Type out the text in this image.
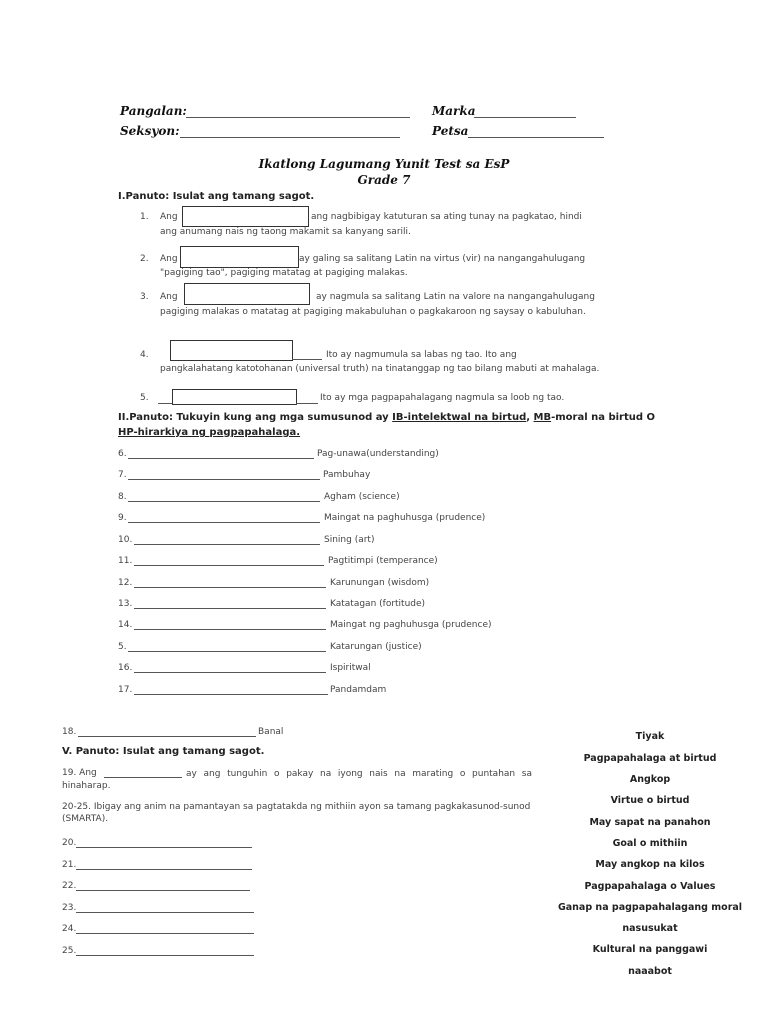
Pangalan:	Marka
Seksyon:	Petsa
Ikatlong Lagumang Yunit Test sa EsP
Grade 7
I.Panuto: Isulat ang tamang sagot.
1. Ang	ang nagbibigay katuturan sa ating tunay na pagkatao, hindi
ang anumang nais ng taong makamit sa kanyang sarili.
2. Ang	ay galing sa salitang Latin na virtus (vir) na nangangahulugang
"pagiging tao", pagiging matatag at pagiging malakas.
3. Ang	ay nagmula sa salitang Latin na valore na nangangahulugang
pagiging malakas o matatag at pagiging makabuluhan o pagkakaroon ng saysay o kabuluhan.
4.	Ito ay nagmumula sa labas ng tao. Ito ang
pangkalahatang katotohanan (universal truth) na tinatanggap ng tao bilang mabuti at mahalaga.
5.	Ito ay mga pagpapahalagang nagmula sa loob ng tao.
II.Panuto: Tukuyin kung ang mga sumusunod ay IB-intelektwal na birtud, MB-moral na birtud O
HP-hirarkiya ng pagpapahalaga.
6.	Pag-unawa(understanding)
7.	Pambuhay
8.	Agham (science)
9.	Maingat na paghuhusga (prudence)
10.	Sining (art)
11.	Pagtitimpi (temperance)
12.	Karunungan (wisdom)
13.	Katatagan (fortitude)
14.	Maingat ng paghuhusga (prudence)
5.	Katarungan (justice)
16.	Ispiritwal
17.	Pandamdam
18.	Banal
V. Panuto: Isulat ang tamang sagot.
19. Ang	ay ang tunguhin o pakay na iyong nais na marating o puntahan sa hinaharap.
20-25. Ibigay ang anim na pamantayan sa pagtatakda ng mithiin ayon sa tamang pagkakasunod-sunod (SMARTA).
20.
21.
22.
23.
24.
25.
Tiyak
Pagpapahalaga at birtud
Angkop
Virtue o birtud
May sapat na panahon
Goal o mithiin
May angkop na kilos
Pagpapahalaga o Values
Ganap na pagpapahalagang moral
nasusukat
Kultural na panggawi
naaabot
